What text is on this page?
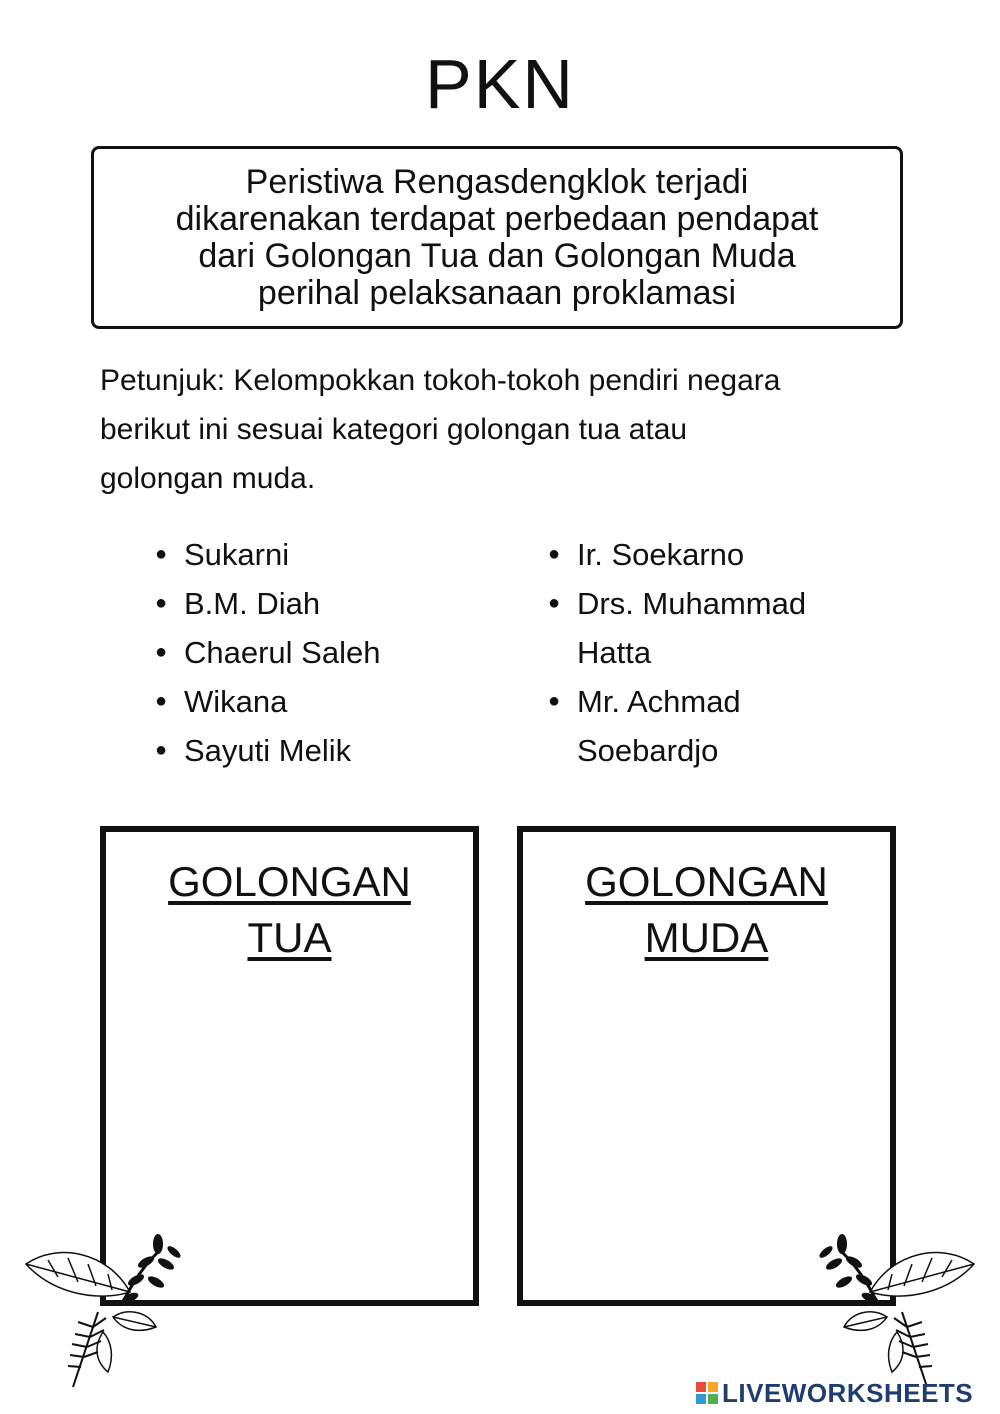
PKN

Peristiwa Rengasdengklok terjadi
dikarenakan terdapat perbedaan pendapat
dari Golongan Tua dan Golongan Muda
perihal pelaksanaan proklamasi

Petunjuk: Kelompokkan tokoh-tokoh pendiri negara
berikut ini sesuai kategori golongan tua atau
golongan muda.
● Sukarni
● B.M. Diah
● Chaerul Saleh
● Wikana
● Sayuti Melik
● Ir. Soekarno
● Drs. Muhammad
Hatta
● Mr. Achmad
Soebardjo
GOLONGAN
TUA
GOLONGAN
MUDA
LIVEWORKSHEETS
